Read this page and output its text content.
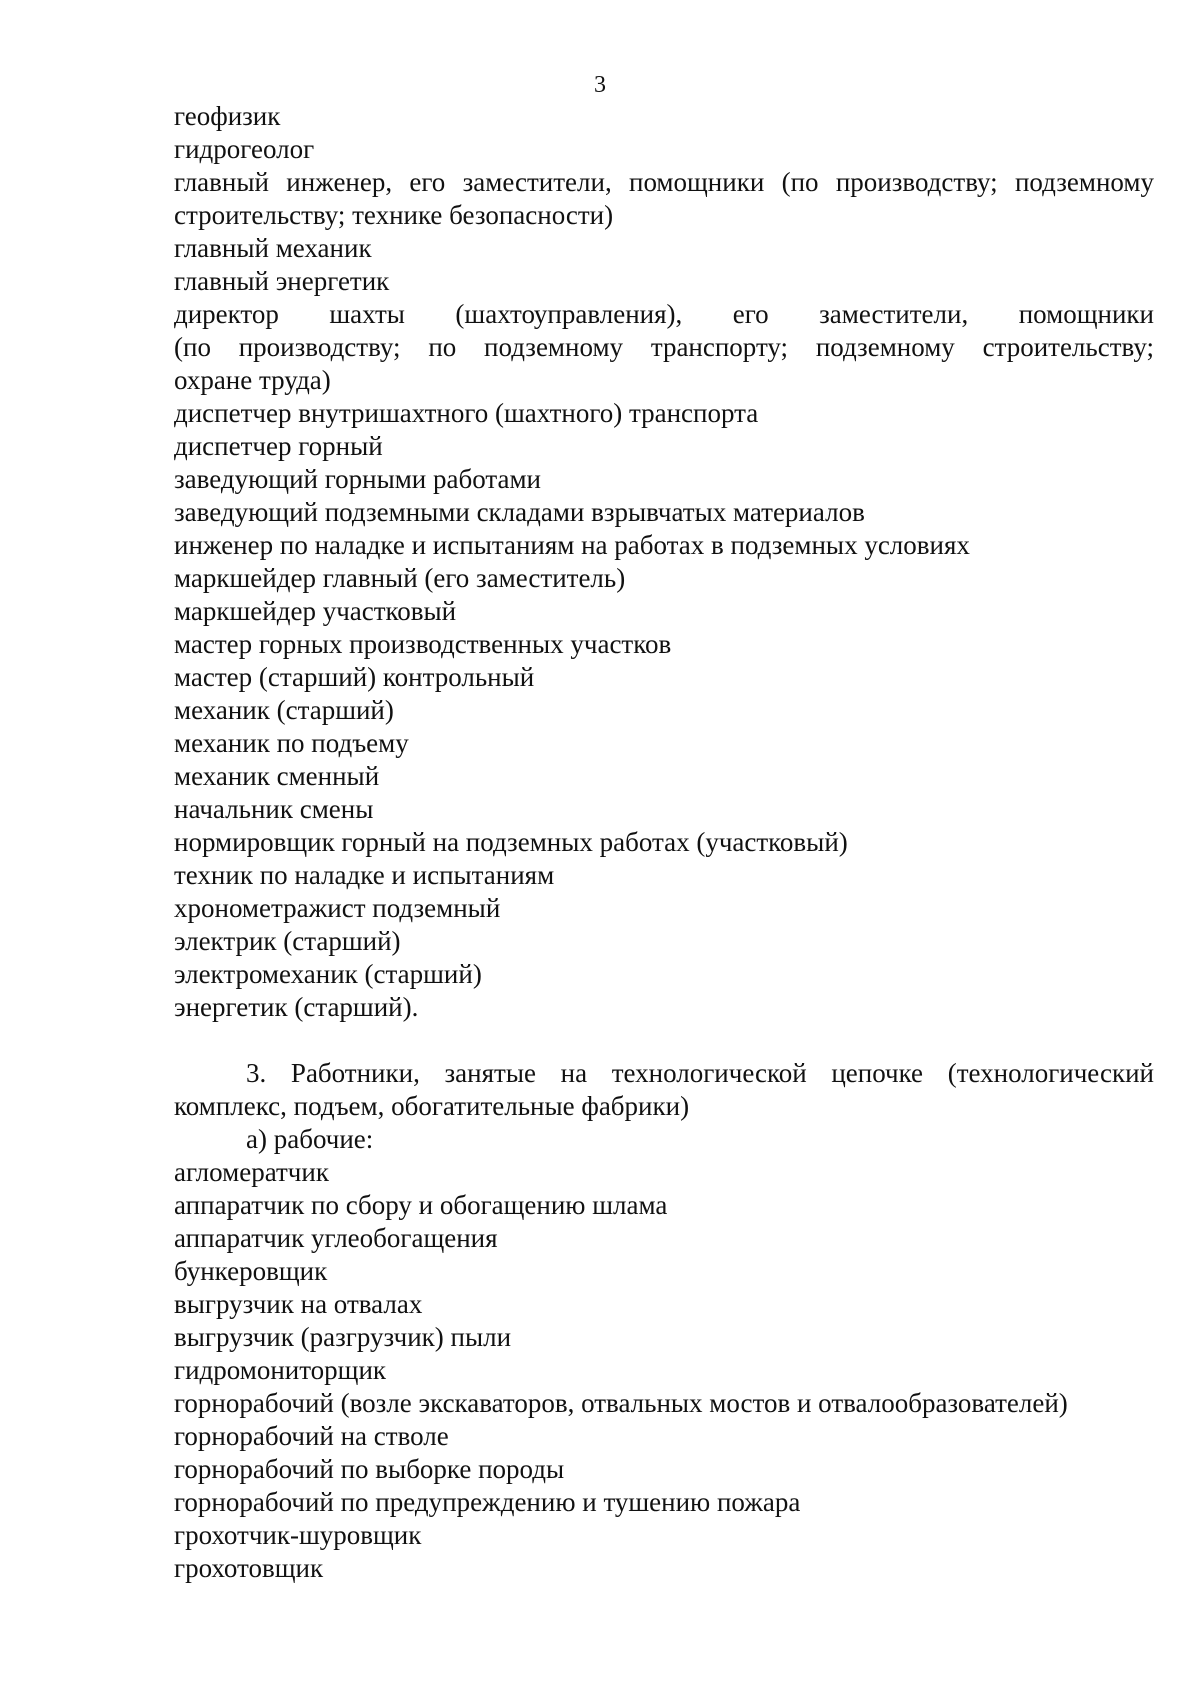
3
геофизик
гидрогеолог
главный инженер, его заместители, помощники (по производству; подземному
строительству; технике безопасности)
главный механик
главный энергетик
директор шахты (шахтоуправления), его заместители, помощники
(по производству; по подземному транспорту; подземному строительству;
охране труда)
диспетчер внутришахтного (шахтного) транспорта
диспетчер горный
заведующий горными работами
заведующий подземными складами взрывчатых материалов
инженер по наладке и испытаниям на работах в подземных условиях
маркшейдер главный (его заместитель)
маркшейдер участковый
мастер горных производственных участков
мастер (старший) контрольный
механик (старший)
механик по подъему
механик сменный
начальник смены
нормировщик горный на подземных работах (участковый)
техник по наладке и испытаниям
хронометражист подземный
электрик (старший)
электромеханик (старший)
энергетик (старший).
3. Работники, занятые на технологической цепочке (технологический
комплекс, подъем, обогатительные фабрики)
а) рабочие:
агломератчик
аппаратчик по сбору и обогащению шлама
аппаратчик углеобогащения
бункеровщик
выгрузчик на отвалах
выгрузчик (разгрузчик) пыли
гидромониторщик
горнорабочий (возле экскаваторов, отвальных мостов и отвалообразователей)
горнорабочий на стволе
горнорабочий по выборке породы
горнорабочий по предупреждению и тушению пожара
грохотчик-шуровщик
грохотовщик
